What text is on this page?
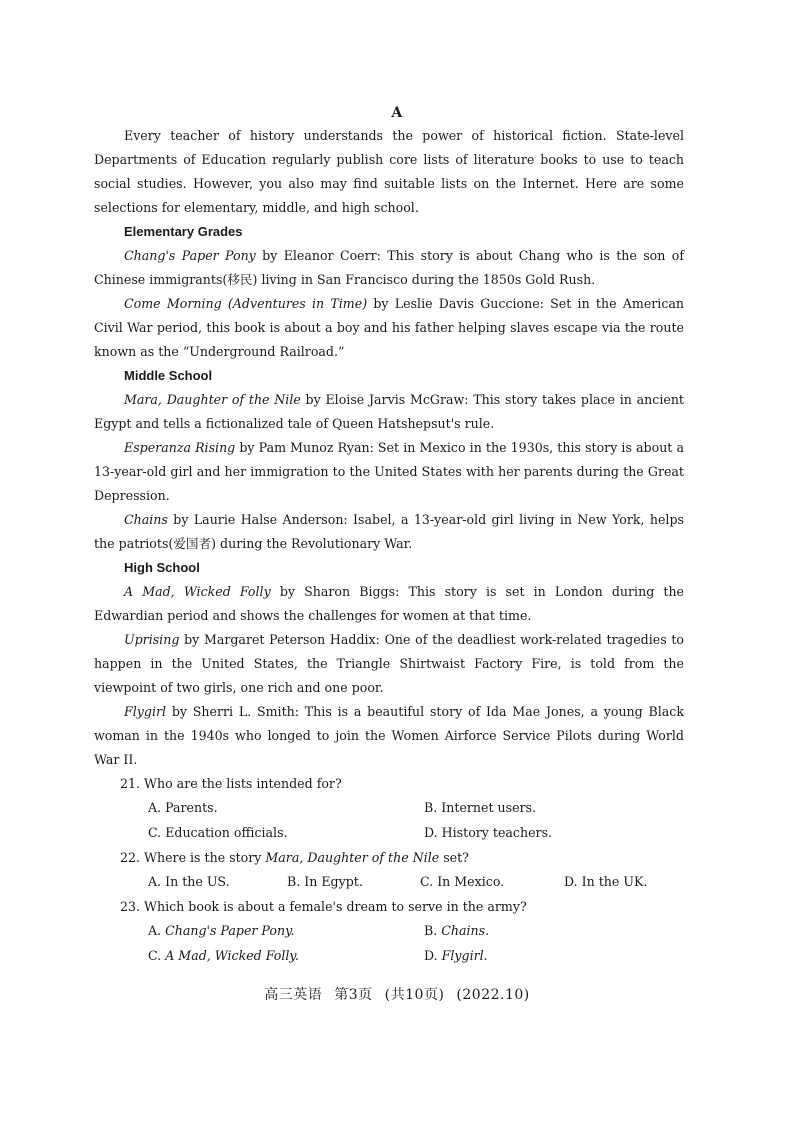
A

Every teacher of history understands the power of historical fiction. State-level Departments of Education regularly publish core lists of literature books to use to teach social studies. However, you also may find suitable lists on the Internet. Here are some selections for elementary, middle, and high school.

Elementary Grades

Chang's Paper Pony by Eleanor Coerr: This story is about Chang who is the son of Chinese immigrants(移民) living in San Francisco during the 1850s Gold Rush.

Come Morning (Adventures in Time) by Leslie Davis Guccione: Set in the American Civil War period, this book is about a boy and his father helping slaves escape via the route known as the “Underground Railroad.”

Middle School

Mara, Daughter of the Nile by Eloise Jarvis McGraw: This story takes place in ancient Egypt and tells a fictionalized tale of Queen Hatshepsut's rule.

Esperanza Rising by Pam Munoz Ryan: Set in Mexico in the 1930s, this story is about a 13-year-old girl and her immigration to the United States with her parents during the Great Depression.

Chains by Laurie Halse Anderson: Isabel, a 13-year-old girl living in New York, helps the patriots(爱国者) during the Revolutionary War.

High School

A Mad, Wicked Folly by Sharon Biggs: This story is set in London during the Edwardian period and shows the challenges for women at that time.

Uprising by Margaret Peterson Haddix: One of the deadliest work-related tragedies to happen in the United States, the Triangle Shirtwaist Factory Fire, is told from the viewpoint of two girls, one rich and one poor.

Flygirl by Sherri L. Smith: This is a beautiful story of Ida Mae Jones, a young Black woman in the 1940s who longed to join the Women Airforce Service Pilots during World War II.

21. Who are the lists intended for?

A. Parents.	B. Internet users.
C. Education officials.	D. History teachers.

22. Where is the story Mara, Daughter of the Nile set?

A. In the US.	B. In Egypt.	C. In Mexico.	D. In the UK.

23. Which book is about a female's dream to serve in the army?

A. Chang's Paper Pony.	B. Chains.
C. A Mad, Wicked Folly.	D. Flygirl.
高三英语 第3页 (共10页) (2022.10)
